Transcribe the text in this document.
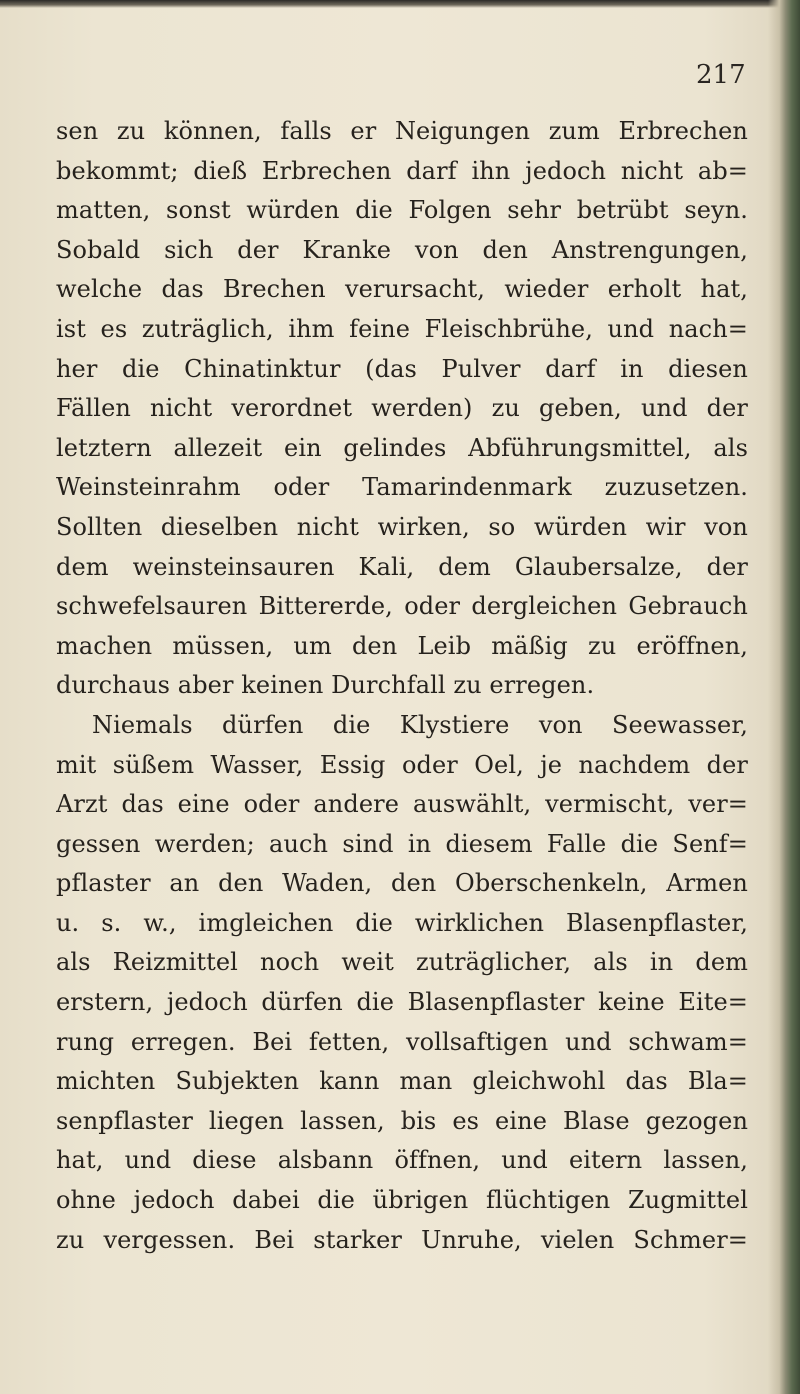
217
sen zu können, falls er Neigungen zum Erbrechen
bekommt; dieß Erbrechen darf ihn jedoch nicht ab=
matten, sonst würden die Folgen sehr betrübt seyn.
Sobald sich der Kranke von den Anstrengungen,
welche das Brechen verursacht, wieder erholt hat,
ist es zuträglich, ihm feine Fleischbrühe, und nach=
her die Chinatinktur (das Pulver darf in diesen
Fällen nicht verordnet werden) zu geben, und der
letztern allezeit ein gelindes Abführungsmittel, als
Weinsteinrahm oder Tamarindenmark zuzusetzen.
Sollten dieselben nicht wirken, so würden wir von
dem weinsteinsauren Kali, dem Glaubersalze, der
schwefelsauren Bittererde, oder dergleichen Gebrauch
machen müssen, um den Leib mäßig zu eröffnen,
durchaus aber keinen Durchfall zu erregen.
Niemals dürfen die Klystiere von Seewasser,
mit süßem Wasser, Essig oder Oel, je nachdem der
Arzt das eine oder andere auswählt, vermischt, ver=
gessen werden; auch sind in diesem Falle die Senf=
pflaster an den Waden, den Oberschenkeln, Armen
u. s. w., imgleichen die wirklichen Blasenpflaster,
als Reizmittel noch weit zuträglicher, als in dem
erstern, jedoch dürfen die Blasenpflaster keine Eite=
rung erregen. Bei fetten, vollsaftigen und schwam=
michten Subjekten kann man gleichwohl das Bla=
senpflaster liegen lassen, bis es eine Blase gezogen
hat, und diese alsbann öffnen, und eitern lassen,
ohne jedoch dabei die übrigen flüchtigen Zugmittel
zu vergessen. Bei starker Unruhe, vielen Schmer=
